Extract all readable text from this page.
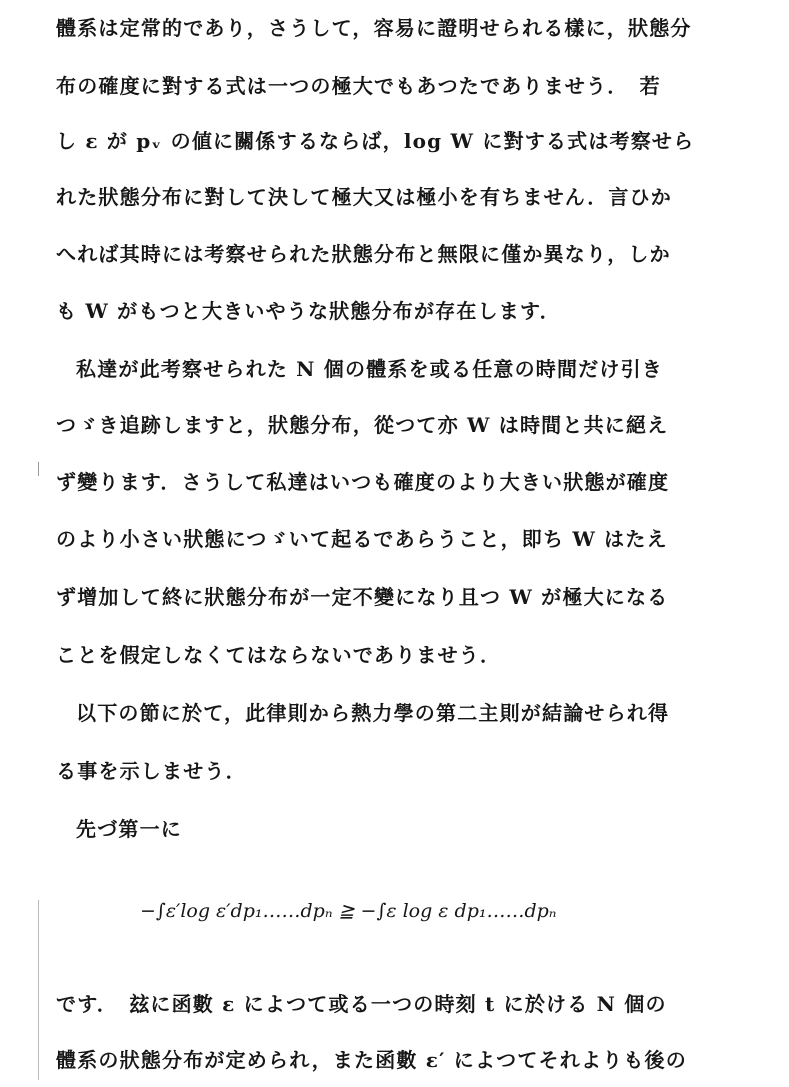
體系は定常的であり，さうして，容易に證明せられる樣に，狀態分
布の確度に對する式は一つの極大でもあつたでありませう．　若
し ε が pᵥ の値に關係するならば，log W に對する式は考察せら
れた狀態分布に對して決して極大又は極小を有ちません．言ひか
へれば其時には考察せられた狀態分布と無限に僅か異なり，しか
も W がもつと大きいやうな狀態分布が存在します．
私達が此考察せられた N 個の體系を或る任意の時間だけ引き
つゞき追跡しますと，狀態分布，從つて亦 W は時間と共に絕え
ず變ります．さうして私達はいつも確度のより大きい狀態が確度
のより小さい狀態につゞいて起るであらうこと，即ち W はたえ
ず增加して終に狀態分布が一定不變になり且つ W が極大になる
ことを假定しなくてはならないでありませう．
以下の節に於て，此律則から熱力學の第二主則が結論せられ得
る事を示しませう．
先づ第一に
−∫ε′log ε′dp₁……dpₙ ≧ −∫ε log ε dp₁……dpₙ
です．　玆に函數 ε によつて或る一つの時刻 t に於ける N 個の
體系の狀態分布が定められ，また函數 ε′ によつてそれよりも後の
